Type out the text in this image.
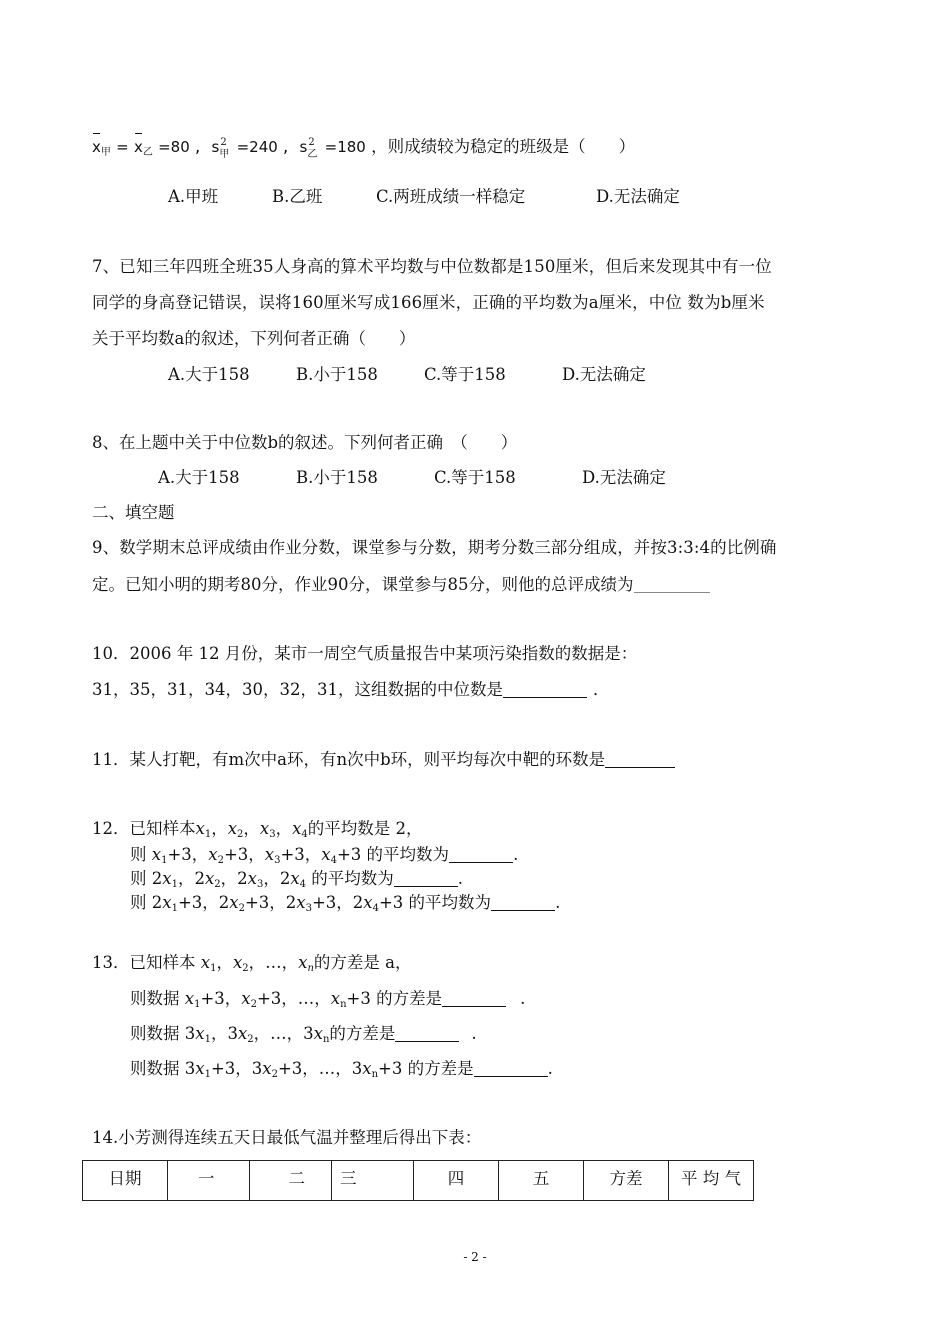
$x_甲 = x_乙 =80$ , s 2
甲 =240 , s 2
乙 =180 ，则成绩较为稳定的班级是（　　）
A.甲班	B.乙班	C.两班成绩一样稳定	D.无法确定
7、已知三年四班全班35人身高的算术平均数与中位数都是150厘米，但后来发现其中有一位
同学的身高登记错误，误将160厘米写成166厘米，正确的平均数为a厘米，中位 数为b厘米
关于平均数a的叙述，下列何者正确（　　）
A.大于158	B.小于158	C.等于158	D.无法确定
8、在上题中关于中位数b的叙述。下列何者正确　（　　）
A.大于158	B.小于158	C.等于158	D.无法确定
二、填空题
9、数学期末总评成绩由作业分数，课堂参与分数，期考分数三部分组成，并按3:3:4的比例确
定。已知小明的期考80分，作业90分，课堂参与85分，则他的总评成绩为
10．2006 年 12 月份，某市一周空气质量报告中某项污染指数的数据是：
31，35，31，34，30，32，31，这组数据的中位数是	．
11．某人打靶，有m次中a环，有n次中b环，则平均每次中靶的环数是
12．已知样本$x_1$，$x_2$，$x_3$，$x_4$的平均数是 2，
则 $x_1+3$，$x_2+3$，$x_3+3$，$x_4+3$ 的平均数为	.
则 $2x_1$，$2x_2$，$2x_3$，$2x_4$ 的平均数为	.
则 $2x_1+3$，$2x_2+3$，$2x_3+3$，$2x_4+3$ 的平均数为	.
13．已知样本 $x_1$，$x_2$，…，$x_n$的方差是 a，
则数据 $x_1+3$，$x_2+3$，…，$x_n+3$ 的方差是	.
则数据 $3x_1$，$3x_2$，…，$3x_n$的方差是	.
则数据 $3x_1+3$，$3x_2+3$，…，$3x_n+3$ 的方差是	.
14.小芳测得连续五天日最低气温并整理后得出下表：
日期	一	二	三	四	五	方差	平 均 气
- 2 -
